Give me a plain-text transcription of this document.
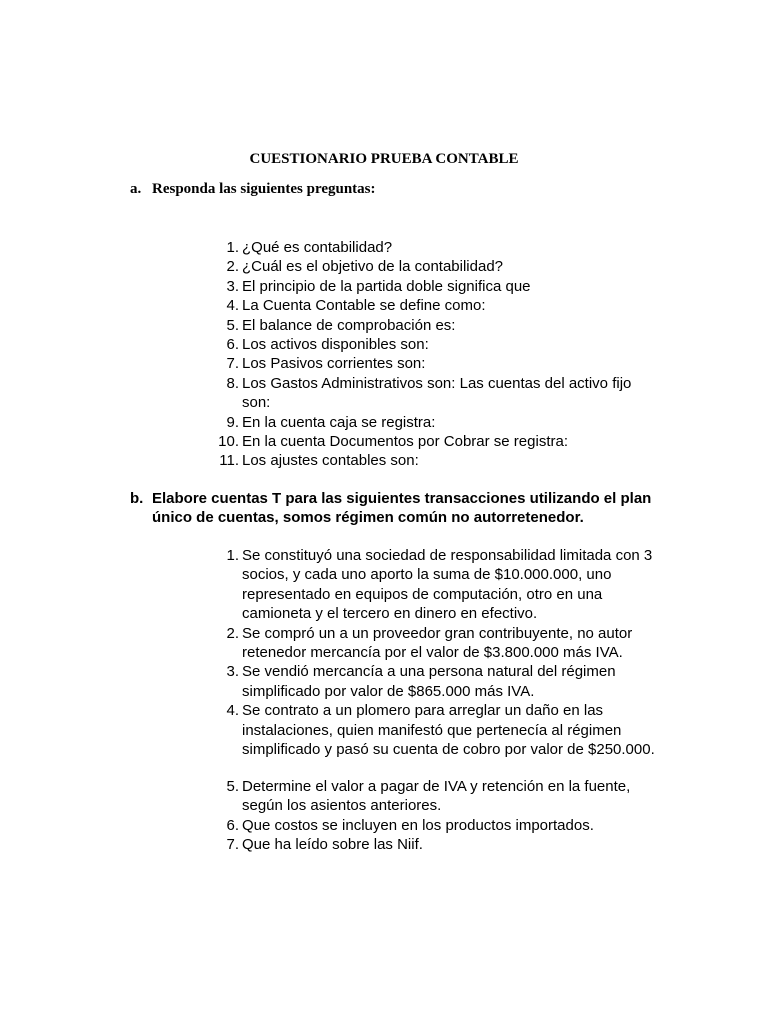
CUESTIONARIO PRUEBA CONTABLE
a. Responda las siguientes preguntas:
1. ¿Qué es contabilidad?
2. ¿Cuál es el objetivo de la contabilidad?
3. El principio de la partida doble significa que
4. La Cuenta Contable se define como:
5. El balance de comprobación es:
6. Los activos disponibles son:
7. Los Pasivos corrientes son:
8. Los Gastos Administrativos son: Las cuentas del activo fijo son:
9. En la cuenta caja se registra:
10. En la cuenta Documentos por Cobrar se registra:
11. Los ajustes contables son:
b. Elabore cuentas T para las siguientes transacciones utilizando el plan único de cuentas, somos régimen común no autorretenedor.
1. Se constituyó una sociedad de responsabilidad limitada con 3 socios, y cada uno aporto la suma de $10.000.000, uno representado en equipos de computación, otro en una camioneta y el tercero en dinero en efectivo.
2. Se compró un a un proveedor gran contribuyente, no autor retenedor mercancía por el valor de $3.800.000 más IVA.
3. Se vendió mercancía a una persona natural del régimen simplificado por valor de $865.000 más IVA.
4. Se contrato a un plomero para arreglar un daño en las instalaciones, quien manifestó que pertenecía al régimen simplificado y pasó su cuenta de cobro por valor de $250.000.
5. Determine el valor a pagar de IVA y retención en la fuente, según los asientos anteriores.
6. Que costos se incluyen en los productos importados.
7. Que ha leído sobre las Niif.
